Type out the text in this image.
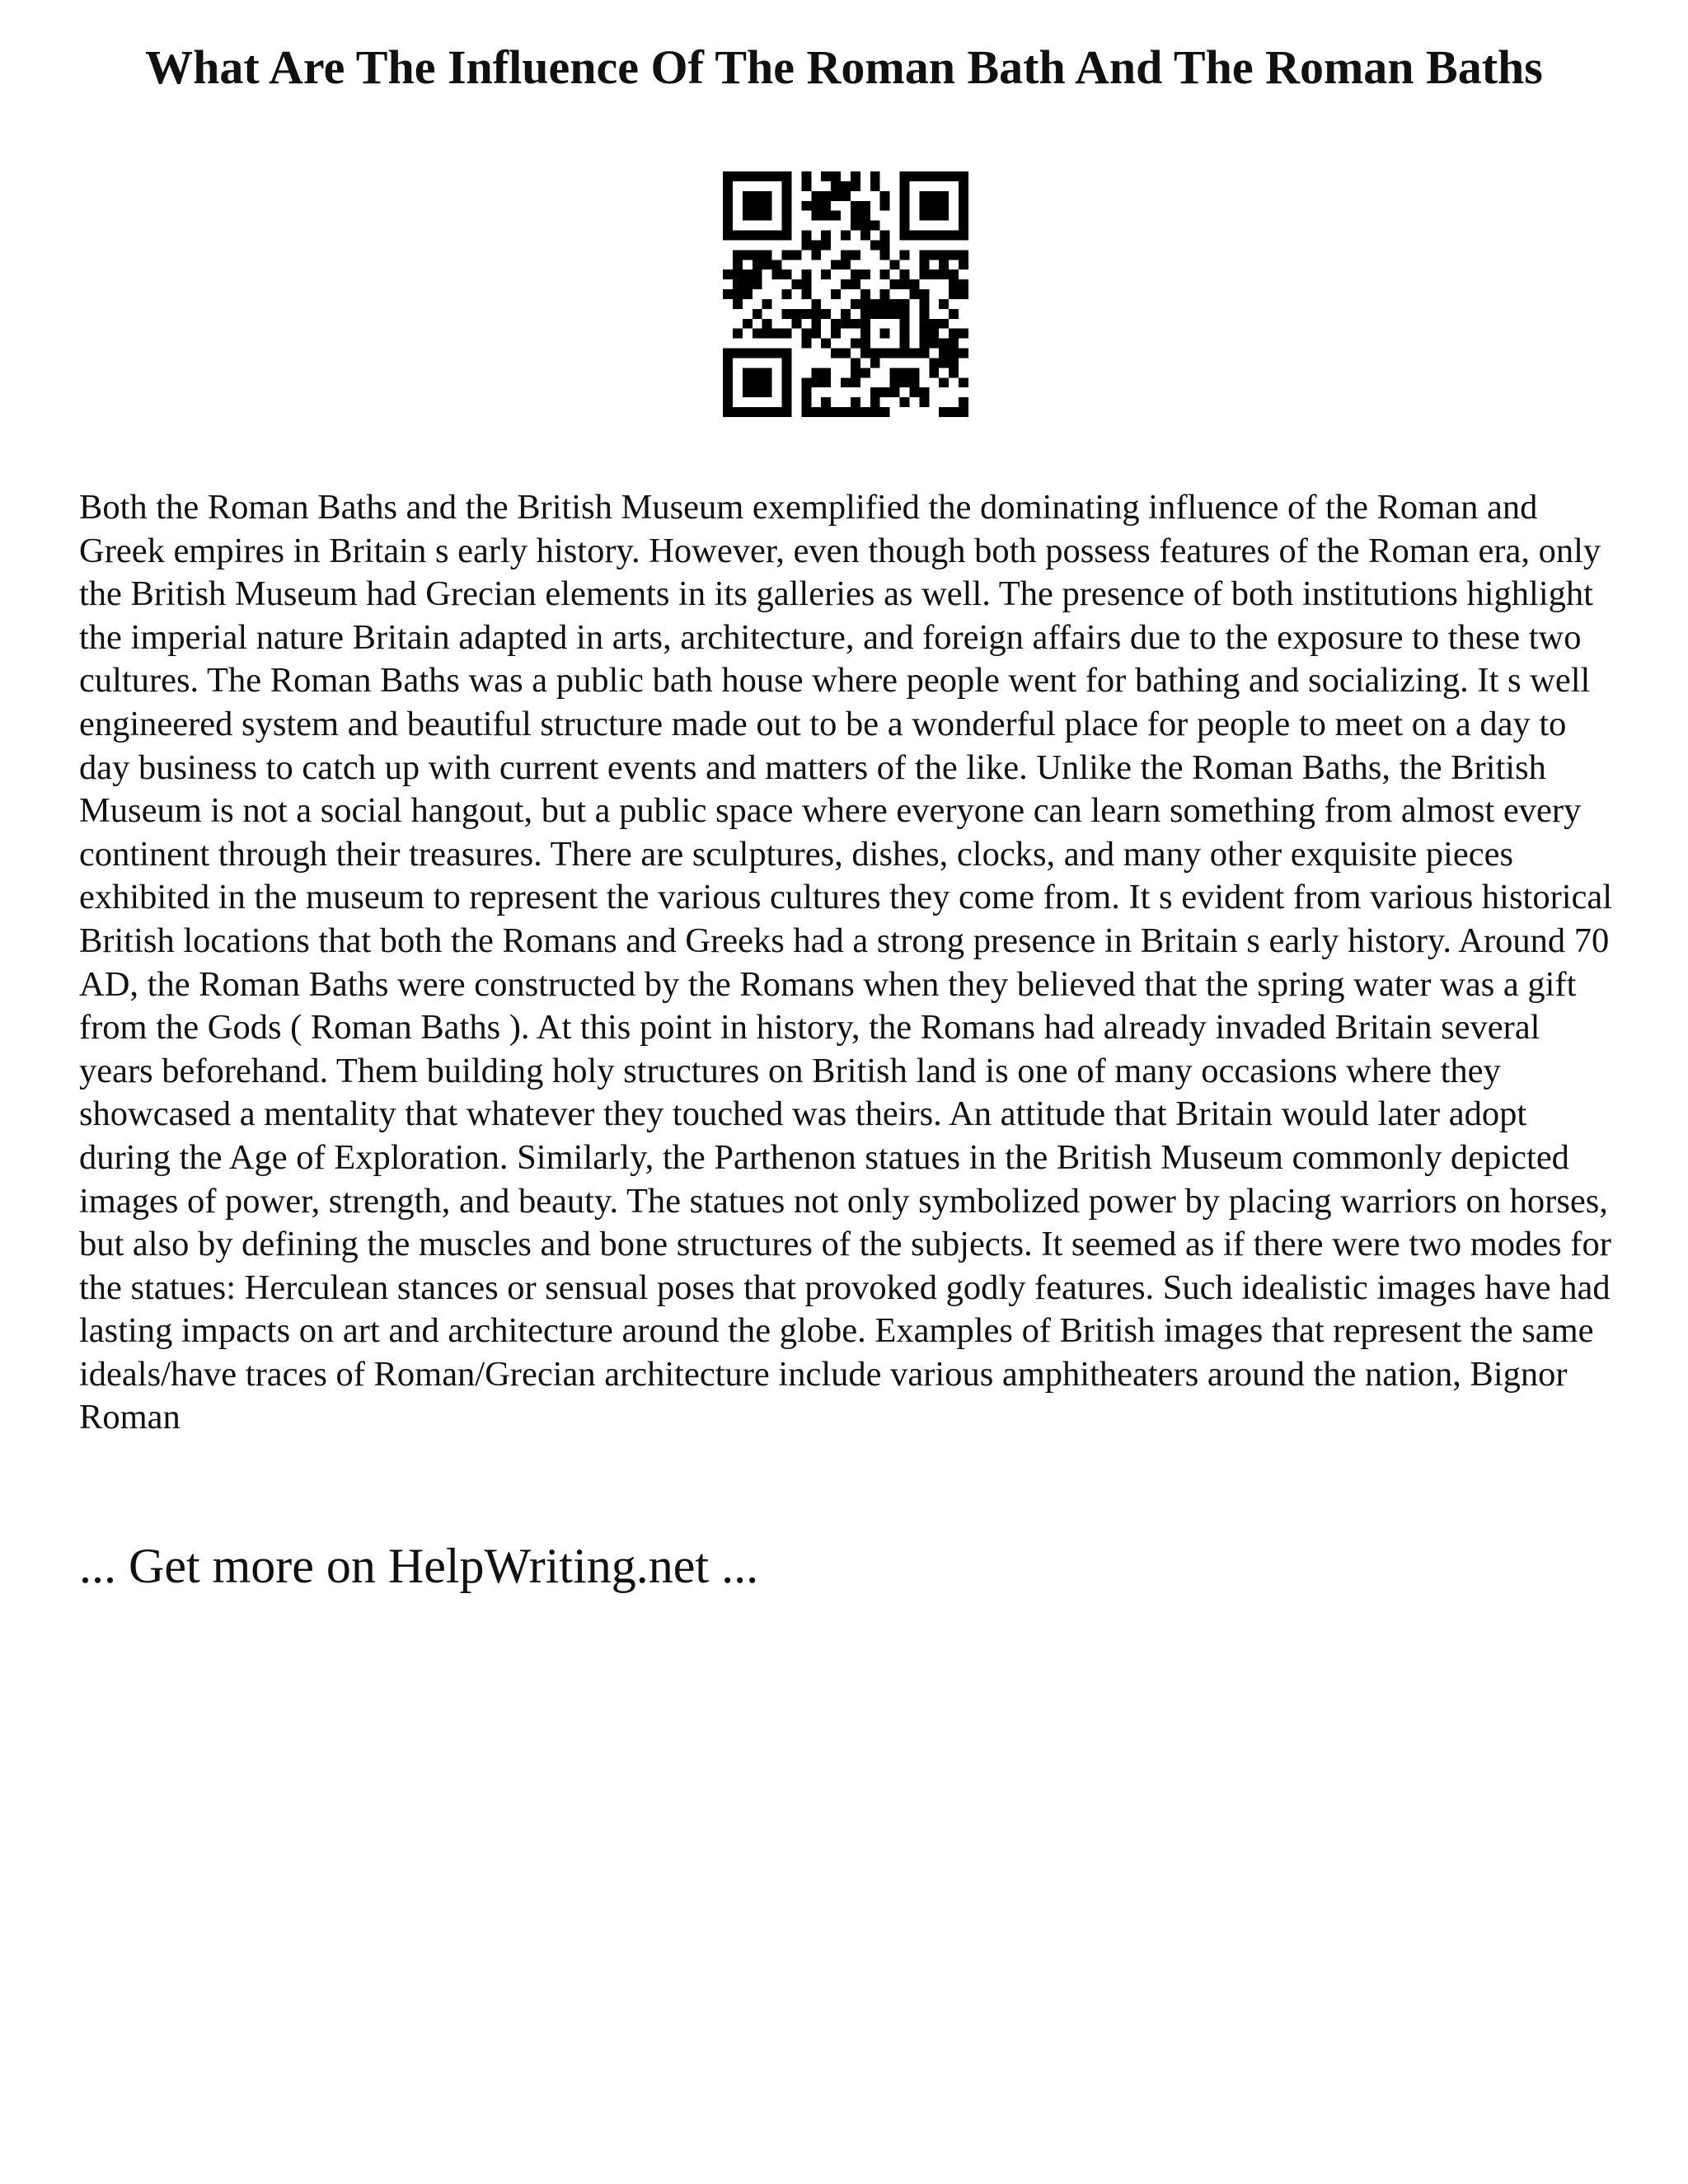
What Are The Influence Of The Roman Bath And The Roman Baths

Both the Roman Baths and the British Museum exemplified the dominating influence of the Roman and Greek empires in Britain s early history. However, even though both possess features of the Roman era, only the British Museum had Grecian elements in its galleries as well. The presence of both institutions highlight the imperial nature Britain adapted in arts, architecture, and foreign affairs due to the exposure to these two cultures. The Roman Baths was a public bath house where people went for bathing and socializing. It s well engineered system and beautiful structure made out to be a wonderful place for people to meet on a day to day business to catch up with current events and matters of the like. Unlike the Roman Baths, the British Museum is not a social hangout, but a public space where everyone can learn something from almost every continent through their treasures. There are sculptures, dishes, clocks, and many other exquisite pieces exhibited in the museum to represent the various cultures they come from. It s evident from various historical British locations that both the Romans and Greeks had a strong presence in Britain s early history. Around 70 AD, the Roman Baths were constructed by the Romans when they believed that the spring water was a gift from the Gods ( Roman Baths ). At this point in history, the Romans had already invaded Britain several years beforehand. Them building holy structures on British land is one of many occasions where they showcased a mentality that whatever they touched was theirs. An attitude that Britain would later adopt during the Age of Exploration. Similarly, the Parthenon statues in the British Museum commonly depicted images of power, strength, and beauty. The statues not only symbolized power by placing warriors on horses, but also by defining the muscles and bone structures of the subjects. It seemed as if there were two modes for the statues: Herculean stances or sensual poses that provoked godly features. Such idealistic images have had lasting impacts on art and architecture around the globe. Examples of British images that represent the same ideals/have traces of Roman/Grecian architecture include various amphitheaters around the nation, Bignor Roman

... Get more on HelpWriting.net ...
